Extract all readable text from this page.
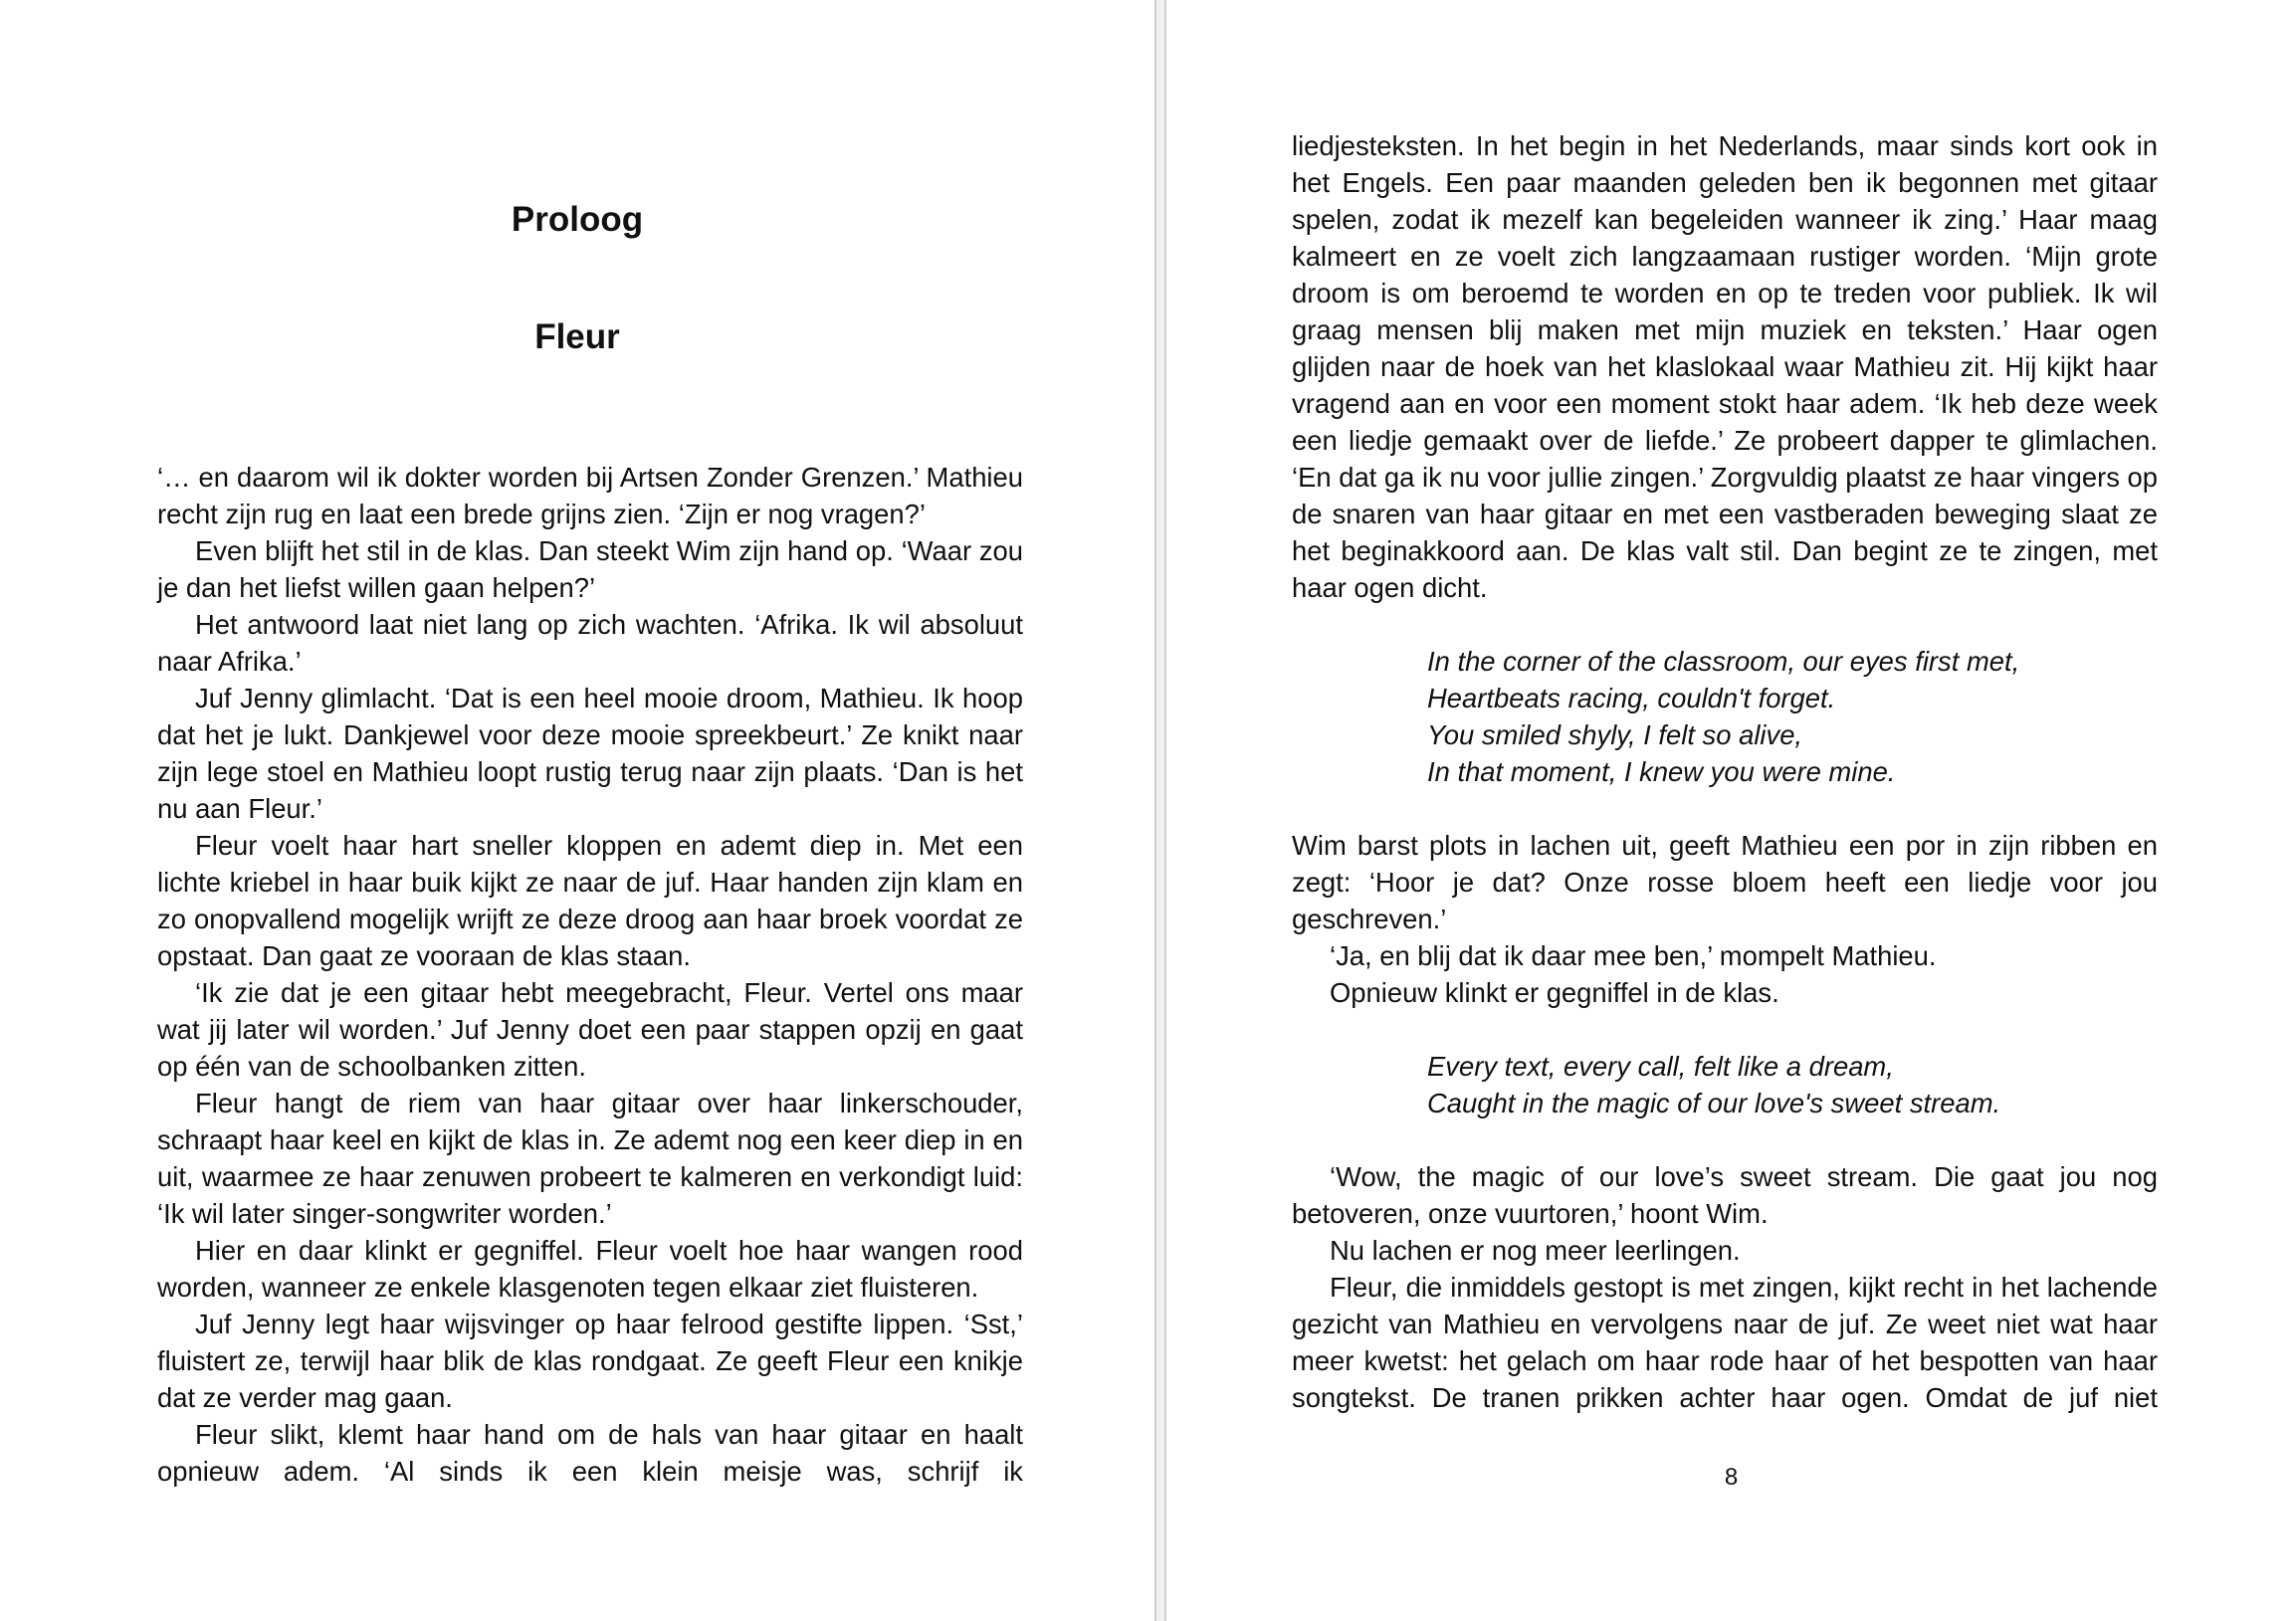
Proloog
Fleur

‘… en daarom wil ik dokter worden bij Artsen Zonder Grenzen.’ Mathieu recht zijn rug en laat een brede grijns zien. ‘Zijn er nog vragen?’

Even blijft het stil in de klas. Dan steekt Wim zijn hand op. ‘Waar zou je dan het liefst willen gaan helpen?’

Het antwoord laat niet lang op zich wachten. ‘Afrika. Ik wil absoluut naar Afrika.’

Juf Jenny glimlacht. ‘Dat is een heel mooie droom, Mathieu. Ik hoop dat het je lukt. Dankjewel voor deze mooie spreekbeurt.’ Ze knikt naar zijn lege stoel en Mathieu loopt rustig terug naar zijn plaats. ‘Dan is het nu aan Fleur.’

Fleur voelt haar hart sneller kloppen en ademt diep in. Met een lichte kriebel in haar buik kijkt ze naar de juf. Haar handen zijn klam en zo onopvallend mogelijk wrijft ze deze droog aan haar broek voordat ze opstaat. Dan gaat ze vooraan de klas staan.

‘Ik zie dat je een gitaar hebt meegebracht, Fleur. Vertel ons maar wat jij later wil worden.’ Juf Jenny doet een paar stappen opzij en gaat op één van de schoolbanken zitten.

Fleur hangt de riem van haar gitaar over haar linkerschouder, schraapt haar keel en kijkt de klas in. Ze ademt nog een keer diep in en uit, waarmee ze haar zenuwen probeert te kalmeren en verkondigt luid: ‘Ik wil later singer-songwriter worden.’

Hier en daar klinkt er gegniffel. Fleur voelt hoe haar wangen rood worden, wanneer ze enkele klasgenoten tegen elkaar ziet fluisteren.

Juf Jenny legt haar wijsvinger op haar felrood gestifte lippen. ‘Sst,’ fluistert ze, terwijl haar blik de klas rondgaat. Ze geeft Fleur een knikje dat ze verder mag gaan.

Fleur slikt, klemt haar hand om de hals van haar gitaar en haalt opnieuw adem. ‘Al sinds ik een klein meisje was, schrijf ik

liedjesteksten. In het begin in het Nederlands, maar sinds kort ook in het Engels. Een paar maanden geleden ben ik begonnen met gitaar spelen, zodat ik mezelf kan begeleiden wanneer ik zing.’ Haar maag kalmeert en ze voelt zich langzaamaan rustiger worden. ‘Mijn grote droom is om beroemd te worden en op te treden voor publiek. Ik wil graag mensen blij maken met mijn muziek en teksten.’ Haar ogen glijden naar de hoek van het klaslokaal waar Mathieu zit. Hij kijkt haar vragend aan en voor een moment stokt haar adem. ‘Ik heb deze week een liedje gemaakt over de liefde.’ Ze probeert dapper te glimlachen. ‘En dat ga ik nu voor jullie zingen.’ Zorgvuldig plaatst ze haar vingers op de snaren van haar gitaar en met een vastberaden beweging slaat ze het beginakkoord aan. De klas valt stil. Dan begint ze te zingen, met haar ogen dicht.

In the corner of the classroom, our eyes first met,
Heartbeats racing, couldn't forget.
You smiled shyly, I felt so alive,
In that moment, I knew you were mine.

Wim barst plots in lachen uit, geeft Mathieu een por in zijn ribben en zegt: ‘Hoor je dat? Onze rosse bloem heeft een liedje voor jou geschreven.’

‘Ja, en blij dat ik daar mee ben,’ mompelt Mathieu.

Opnieuw klinkt er gegniffel in de klas.

Every text, every call, felt like a dream,
Caught in the magic of our love's sweet stream.

‘Wow, the magic of our love’s sweet stream. Die gaat jou nog betoveren, onze vuurtoren,’ hoont Wim.

Nu lachen er nog meer leerlingen.

Fleur, die inmiddels gestopt is met zingen, kijkt recht in het lachende gezicht van Mathieu en vervolgens naar de juf. Ze weet niet wat haar meer kwetst: het gelach om haar rode haar of het bespotten van haar songtekst. De tranen prikken achter haar ogen. Omdat de juf niet

8
